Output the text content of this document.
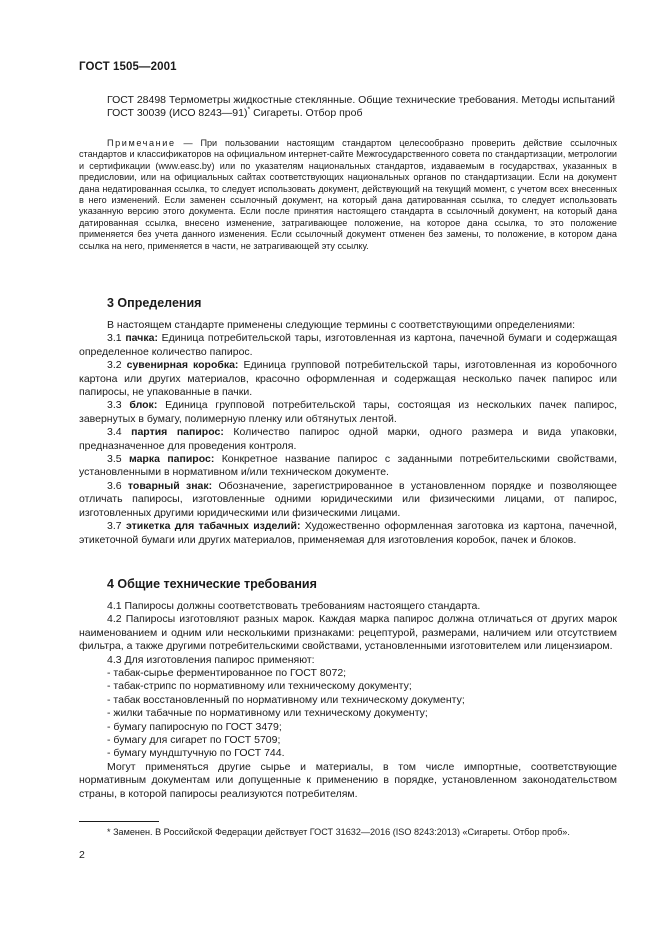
ГОСТ 1505—2001

ГОСТ 28498 Термометры жидкостные стеклянные. Общие технические требования. Методы испытаний

ГОСТ 30039 (ИСО 8243—91)* Сигареты. Отбор проб

Примечание — При пользовании настоящим стандартом целесообразно проверить действие ссылочных стандартов и классификаторов на официальном интернет-сайте Межгосударственного совета по стандартизации, метрологии и сертификации (www.easc.by) или по указателям национальных стандартов, издаваемым в государствах, указанных в предисловии, или на официальных сайтах соответствующих национальных органов по стандартизации. Если на документ дана недатированная ссылка, то следует использовать документ, действующий на текущий момент, с учетом всех внесенных в него изменений. Если заменен ссылочный документ, на который дана датированная ссылка, то следует использовать указанную версию этого документа. Если после принятия настоящего стандарта в ссылочный документ, на который дана датированная ссылка, внесено изменение, затрагивающее положение, на которое дана ссылка, то это положение применяется без учета данного изменения. Если ссылочный документ отменен без замены, то положение, в котором дана ссылка на него, применяется в части, не затрагивающей эту ссылку.

3 Определения

В настоящем стандарте применены следующие термины с соответствующими определениями:

3.1 пачка: Единица потребительской тары, изготовленная из картона, пачечной бумаги и содержащая определенное количество папирос.

3.2 сувенирная коробка: Единица групповой потребительской тары, изготовленная из коробочного картона или других материалов, красочно оформленная и содержащая несколько пачек папирос или папиросы, не упакованные в пачки.

3.3 блок: Единица групповой потребительской тары, состоящая из нескольких пачек папирос, завернутых в бумагу, полимерную пленку или обтянутых лентой.

3.4 партия папирос: Количество папирос одной марки, одного размера и вида упаковки, предназначенное для проведения контроля.

3.5 марка папирос: Конкретное название папирос с заданными потребительскими свойствами, установленными в нормативном и/или техническом документе.

3.6 товарный знак: Обозначение, зарегистрированное в установленном порядке и позволяющее отличать папиросы, изготовленные одними юридическими или физическими лицами, от папирос, изготовленных другими юридическими или физическими лицами.

3.7 этикетка для табачных изделий: Художественно оформленная заготовка из картона, пачечной, этикеточной бумаги или других материалов, применяемая для изготовления коробок, пачек и блоков.

4 Общие технические требования

4.1 Папиросы должны соответствовать требованиям настоящего стандарта.

4.2 Папиросы изготовляют разных марок. Каждая марка папирос должна отличаться от других марок наименованием и одним или несколькими признаками: рецептурой, размерами, наличием или отсутствием фильтра, а также другими потребительскими свойствами, установленными изготовителем или лицензиаром.

4.3 Для изготовления папирос применяют:

- табак-сырье ферментированное по ГОСТ 8072;

- табак-стрипс по нормативному или техническому документу;

- табак восстановленный по нормативному или техническому документу;

- жилки табачные по нормативному или техническому документу;

- бумагу папиросную по ГОСТ 3479;

- бумагу для сигарет по ГОСТ 5709;

- бумагу мундштучную по ГОСТ 744.

Могут применяться другие сырье и материалы, в том числе импортные, соответствующие нормативным документам или допущенные к применению в порядке, установленном законодательством страны, в которой папиросы реализуются потребителям.

* Заменен. В Российской Федерации действует ГОСТ 31632—2016 (ISO 8243:2013) «Сигареты. Отбор проб».

2
